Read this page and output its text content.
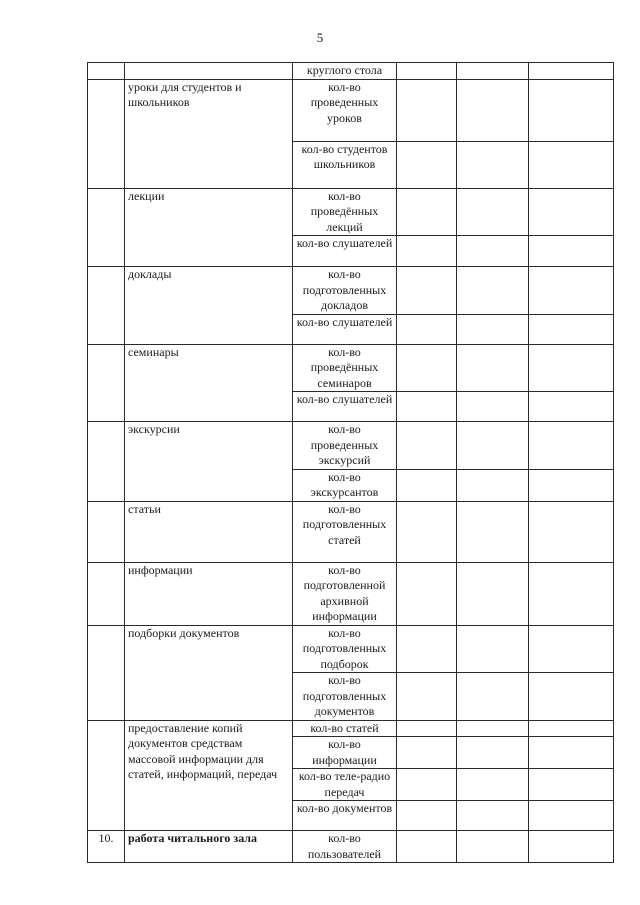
5
		круглого стола			
	уроки для студентов и школьников	кол-во проведенных уроков			
		кол-во студентов школьников			
	лекции	кол-во проведённых лекций			
		кол-во слушателей			
	доклады	кол-во подготовленных докладов			
		кол-во слушателей			
	семинары	кол-во проведённых семинаров			
		кол-во слушателей			
	экскурсии	кол-во проведенных экскурсий			
		кол-во экскурсантов			
	статьи	кол-во подготовленных статей			
	информации	кол-во подготовленной архивной информации			
	подборки документов	кол-во подготовленных подборок			
		кол-во подготовленных документов			
	предоставление копий документов средствам массовой информации для статей, информаций, передач	кол-во статей			
		кол-во информации			
		кол-во теле-радио передач			
		кол-во документов			
10.	работа читального зала	кол-во пользователей			
